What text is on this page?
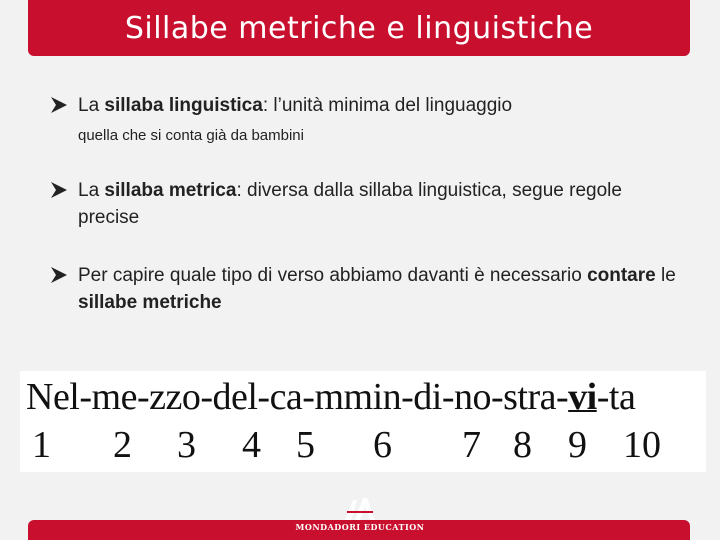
Sillabe metriche e linguistiche
La sillaba linguistica: l’unità minima del linguaggio
quella che si conta già da bambini
La sillaba metrica: diversa dalla sillaba linguistica, segue regole precise
Per capire quale tipo di verso abbiamo davanti è necessario contare le sillabe metriche
Nel-me-zzo-del-ca-mmin-di-no-stra-vi-ta
1 2 3 4 5 6 7 8 9 10
MONDADORI EDUCATION
